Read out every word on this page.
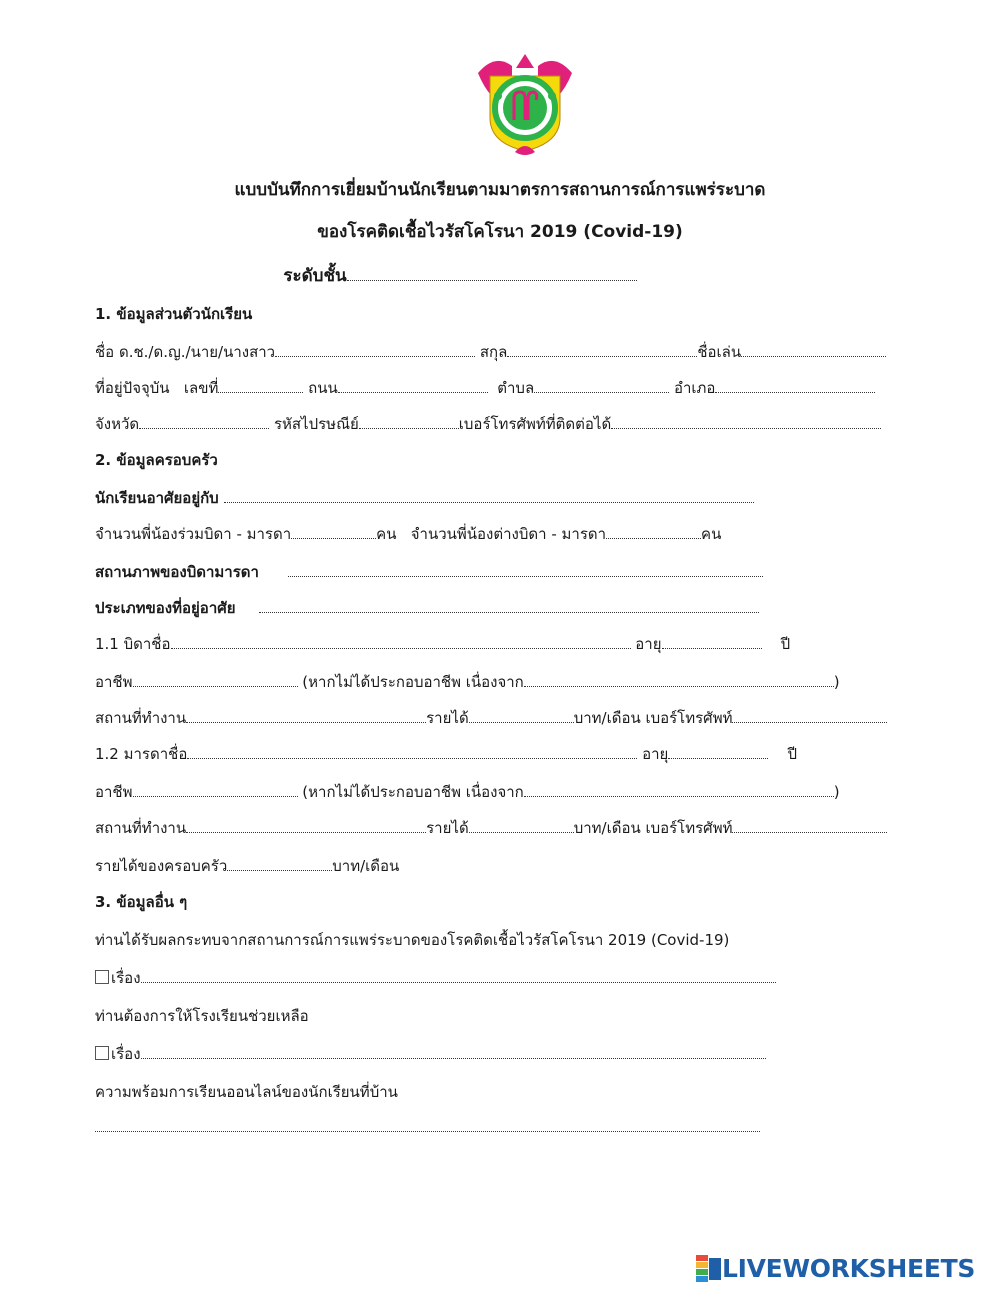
แบบบันทึกการเยี่ยมบ้านนักเรียนตามมาตรการสถานการณ์การแพร่ระบาด
ของโรคติดเชื้อไวรัสโคโรนา 2019 (Covid-19)
ระดับชั้น
1. ข้อมูลส่วนตัวนักเรียน
ชื่อ ด.ช./ด.ญ./นาย/นางสาว	สกุล	ชื่อเล่น
ที่อยู่ปัจจุบัน เลขที่	ถนน	ตำบล	อำเภอ
จังหวัด	รหัสไปรษณีย์	เบอร์โทรศัพท์ที่ติดต่อได้
2. ข้อมูลครอบครัว
นักเรียนอาศัยอยู่กับ
จำนวนพี่น้องร่วมบิดา - มารดา	คน จำนวนพี่น้องต่างบิดา - มารดา	คน
สถานภาพของบิดามารดา
ประเภทของที่อยู่อาศัย
1.1 บิดาชื่อ	อายุ	ปี
อาชีพ	(หากไม่ได้ประกอบอาชีพ เนื่องจาก	)
สถานที่ทำงาน	รายได้	บาท/เดือน เบอร์โทรศัพท์
1.2 มารดาชื่อ	อายุ	ปี
อาชีพ	(หากไม่ได้ประกอบอาชีพ เนื่องจาก	)
สถานที่ทำงาน	รายได้	บาท/เดือน เบอร์โทรศัพท์
รายได้ของครอบครัว	บาท/เดือน
3. ข้อมูลอื่น ๆ
ท่านได้รับผลกระทบจากสถานการณ์การแพร่ระบาดของโรคติดเชื้อไวรัสโคโรนา 2019 (Covid-19)
เรื่อง
ท่านต้องการให้โรงเรียนช่วยเหลือ
เรื่อง
ความพร้อมการเรียนออนไลน์ของนักเรียนที่บ้าน
LIVEWORKSHEETS
